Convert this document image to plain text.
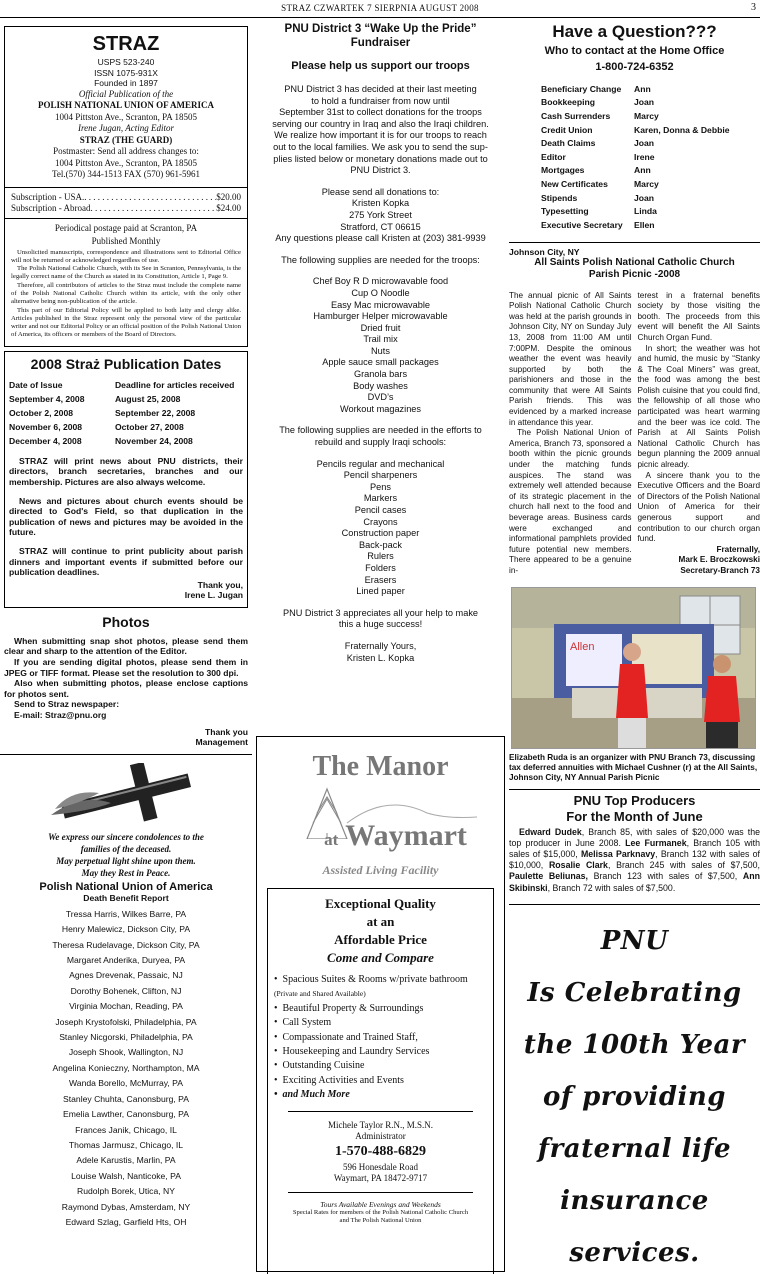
STRAZ CZWARTEK 7 SIERPNIA AUGUST 2008	3
STRAZ
USPS 523-240
ISSN 1075-931X
Founded in 1897
Official Publication of the
POLISH NATIONAL UNION OF AMERICA
1004 Pittston Ave., Scranton, PA 18505
Irene Jugan, Acting Editor
STRAZ (THE GUARD)
Postmaster: Send all address changes to:
1004 Pittston Ave., Scranton, PA 18505
Tel.(570) 344-1513 FAX (570) 961-5961
Subscription - USA. . . .	$20.00
Subscription - Abroad . . .	$24.00
Periodical postage paid at Scranton, PA
Published Monthly

Unsolicited manuscripts, correspondence and illustrations sent to Editorial Office will not be returned or acknowledged regardless of use.

The Polish National Catholic Church, with its See in Scranton, Pennsylvania, is the legally correct name of the Church as stated in its Constitution, Article 1, Page 9.

Therefore, all contributors of articles to the Straz must include the complete name of the Polish National Catholic Church within its article, with the only other alternative being non-publication of the article.

This part of our Editorial Policy will be applied to both laity and clergy alike. Articles published in the Straz represent only the personal view of the particular writer and not our Editorial Policy or an official position of the Polish National Union of America, its officers or members of the Board of Directors.

2008 Straż Publication Dates
Date of Issue	Deadline for articles received
September 4, 2008	August 25, 2008
October 2, 2008	September 22, 2008
November 6, 2008	October 27, 2008
December 4, 2008	November 24, 2008

STRAZ will print news about PNU districts, their directors, branch secretaries, branches and our membership. Pictures are also always welcome.

News and pictures about church events should be directed to God's Field, so that duplication in the publication of news and pictures may be avoided in the future.

STRAZ will continue to print publicity about parish dinners and important events if submitted before our publication deadlines.

Thank you,
Irene L. Jugan
Photos

When submitting snap shot photos, please send them clear and sharp to the attention of the Editor.

If you are sending digital photos, please send them in JPEG or TIFF format. Please set the resolution to 300 dpi.

Also when submitting photos, please enclose captions for photos sent.

Send to Straz newspaper:

E-mail: Straz@pnu.org

Thank you
Management
We express our sincere condolences to the
families of the deceased.
May perpetual light shine upon them.
May they Rest in Peace.
Polish National Union of America
Death Benefit Report
Tressa Harris, Wilkes Barre, PA
Henry Malewicz, Dickson City, PA
Theresa Rudelavage, Dickson City, PA
Margaret Anderika, Duryea, PA
Agnes Drevenak, Passaic, NJ
Dorothy Bohenek, Clifton, NJ
Virginia Mochan, Reading, PA
Joseph Krystofolski, Philadelphia, PA
Stanley Nicgorski, Philadelphia, PA
Joseph Shook, Wallington, NJ
Angelina Konieczny, Northampton, MA
Wanda Borello, McMurray, PA
Stanley Chuhta, Canonsburg, PA
Emelia Lawther, Canonsburg, PA
Frances Janik, Chicago, IL
Thomas Jarmusz, Chicago, IL
Adele Karustis, Marlin, PA
Louise Walsh, Nanticoke, PA
Rudolph Borek, Utica, NY
Raymond Dybas, Amsterdam, NY
Edward Szlag, Garfield Hts, OH
PNU District 3 “Wake Up the Pride”
Fundraiser
Please help us support our troops
PNU District 3 has decided at their last meeting
to hold a fundraiser from now until
September 31st to collect donations for the troops
serving our country in Iraq and also the Iraqi children.
We realize how important it is for our troops to reach
out to the local families. We ask you to send the sup-
plies listed below or monetary donations made out to
PNU District 3.
Please send all donations to:
Kristen Kopka
275 York Street
Stratford, CT 06615
Any questions please call Kristen at (203) 381-9939
The following supplies are needed for the troops:
Chef Boy R D microwavable food
Cup O Noodle
Easy Mac microwavable
Hamburger Helper microwavable
Dried fruit
Trail mix
Nuts
Apple sauce small packages
Granola bars
Body washes
DVD’s
Workout magazines
The following supplies are needed in the efforts to
rebuild and supply Iraqi schools:
Pencils regular and mechanical
Pencil sharpeners
Pens
Markers
Pencil cases
Crayons
Construction paper
Back-pack
Rulers
Folders
Erasers
Lined paper
PNU District 3 appreciates all your help to make
this a huge success!
Fraternally Yours,
Kristen L. Kopka
The Manor
at Waymart
Assisted Living Facility
Exceptional Quality
at an
Affordable Price
Come and Compare
• Spacious Suites & Rooms w/private bathroom (Private and Shared Available)
• Beautiful Property & Surroundings
• Call System
• Compassionate and Trained Staff,
• Housekeeping and Laundry Services
• Outstanding Cuisine
• Exciting Activities and Events
• and Much More
Michele Taylor R.N., M.S.N.
Administrator
1-570-488-6829
596 Honesdale Road
Waymart, PA 18472-9717
Tours Available Evenings and Weekends
Special Rates for members of the Polish National Catholic Church
and The Polish National Union
Have a Question???
Who to contact at the Home Office
1-800-724-6352
Beneficiary Change	Ann
Bookkeeping	Joan
Cash Surrenders	Marcy
Credit Union	Karen, Donna & Debbie
Death Claims	Joan
Editor	Irene
Mortgages	Ann
New Certificates	Marcy
Stipends	Joan
Typesetting	Linda
Executive Secretary	Ellen
Johnson City, NY
All Saints Polish National Catholic Church
Parish Picnic -2008

The annual picnic of All Saints Polish National Catholic Church was held at the parish grounds in Johnson City, NY on Sunday July 13, 2008 from 11:00 AM until 7:00PM. Despite the ominous weather the event was heavily supported by both the parishioners and those in the community that were All Saints Parish friends. This was evidenced by a marked increase in attendance this year.

The Polish National Union of America, Branch 73, sponsored a booth within the picnic grounds under the matching funds auspices. The stand was extremely well attended because of its strategic placement in the church hall next to the food and beverage areas. Business cards were exchanged and informational pamphlets provided future potential new members. There appeared to be a genuine in-

terest in a fraternal benefits society by those visiting the booth. The proceeds from this event will benefit the All Saints Church Organ Fund.

In short; the weather was hot and humid, the music by “Stanky & The Coal Miners” was great, the food was among the best Polish cuisine that you could find, the fellowship of all those who participated was heart warming and the beer was ice cold. The Parish at All Saints Polish National Catholic Church has begun planning the 2009 annual picnic already.

A sincere thank you to the Executive Officers and the Board of Directors of the Polish National Union of America for their generous support and contribution to our church organ fund.

Fraternally,

Mark E. Broczkowski

Secretary-Branch 73

Allen
Elizabeth Ruda is an organizer with PNU Branch 73, discussing tax deferred annuities with Michael Cushner (r) at the All Saints, Johnson City, NY Annual Parish Picnic
PNU Top Producers
For the Month of June

Edward Dudek, Branch 85, with sales of $20,000 was the top producer in June 2008. Lee Furmanek, Branch 105 with sales of $15,000, Melissa Parknavy, Branch 132 with sales of $10,000, Rosalie Clark, Branch 245 with sales of $7,500, Paulette Beliunas, Branch 123 with sales of $7,500, Ann Skibinski, Branch 72 with sales of $7,500.

PNU
Is Celebrating
the 100th Year
of providing
fraternal life
insurance services.
